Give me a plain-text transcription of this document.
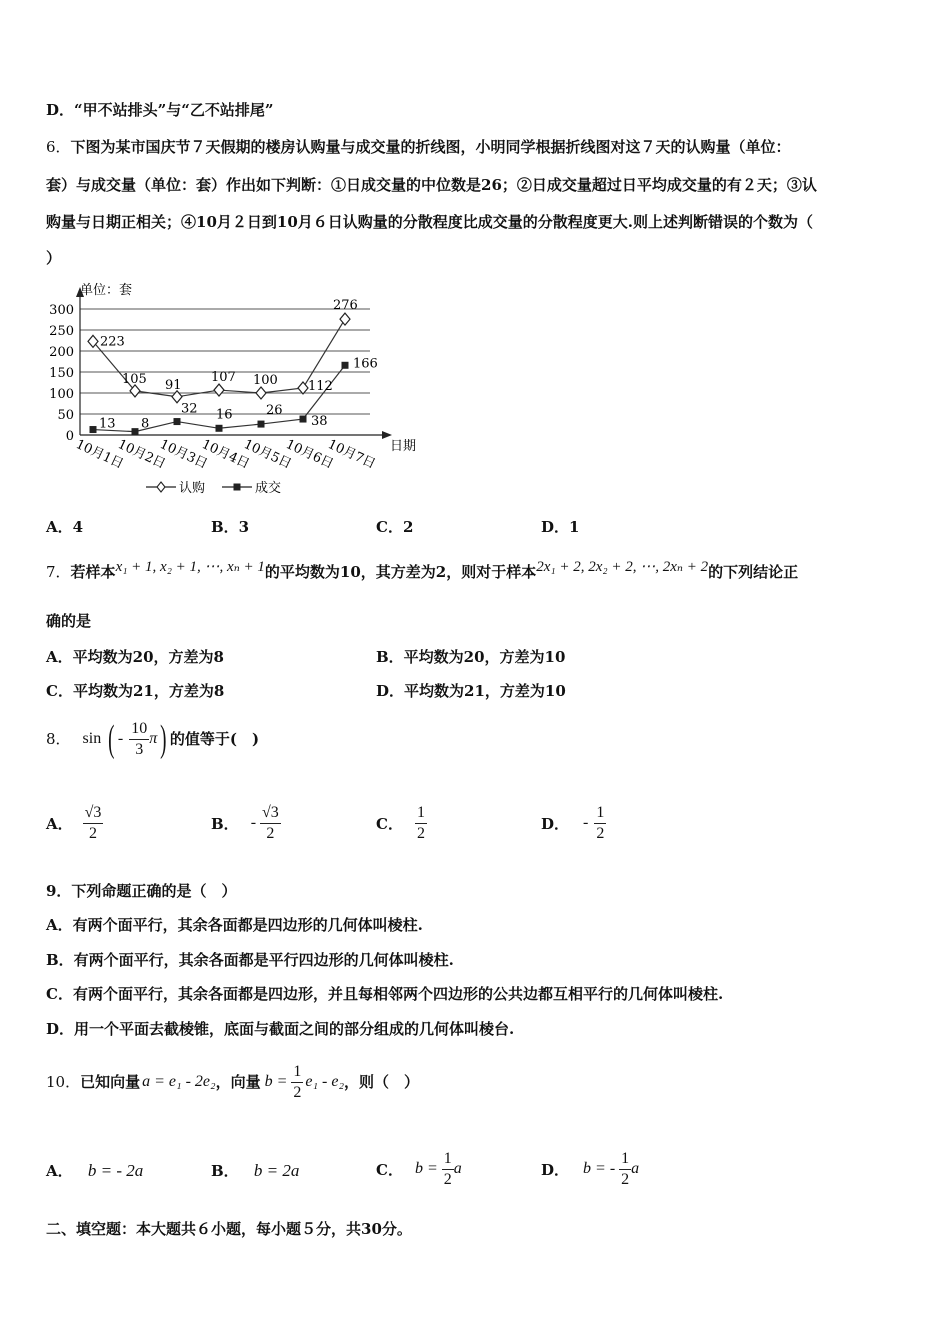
D．“甲不站排头”与“乙不站排尾”
6．下图为某市国庆节７天假期的楼房认购量与成交量的折线图，小明同学根据折线图对这７天的认购量（单位：
套）与成交量（单位：套）作出如下判断：①日成交量的中位数是26；②日成交量超过日平均成交量的有２天；③认
购量与日期正相关；④10月２日到10月６日认购量的分散程度比成交量的分散程度更大.则上述判断错误的个数为（
）
0
50
100
150
200
250
300
10月1日
10月2日
10月3日
10月4日
10月5日
10月6日
10月7日
223
105 91
107 100 112
276
13 8
32 16	26
38
166
单位：套
日期
认购	成交
A．4	B．3	C．2	D．1
7．若样本x₁ + 1, x₂ + 1, ⋯, xₙ + 1的平均数为10，其方差为2，则对于样本2x₁ + 2, 2x₂ + 2, ⋯, 2xₙ + 2的下列结论正
确的是
A．平均数为20，方差为8	B．平均数为20，方差为10
C．平均数为21，方差为8	D．平均数为21，方差为10
8． sin ( - $\frac{10}{3}$ π ) 的值等于(　)
A． $\frac{√3}{2}$	B． - $\frac{√3}{2}$	C． $\frac{1}{2}$	D． - $\frac{1}{2}$
9．下列命题正确的是（　）
A．有两个面平行，其余各面都是四边形的几何体叫棱柱.
B．有两个面平行，其余各面都是平行四边形的几何体叫棱柱.
C．有两个面平行，其余各面都是四边形，并且每相邻两个四边形的公共边都互相平行的几何体叫棱柱.
D．用一个平面去截棱锥，底面与截面之间的部分组成的几何体叫棱台.
10． 已知向量 a = e₁ - 2e₂ ，向量 $b = \frac{1}{2} e_1 - e_2$ ，则（　）
A． b = - 2a	B． b = 2a	C． $b = \frac{1}{2}$ a	D． b = - $\frac{1}{2}$ a
二、填空题：本大题共６小题，每小题５分，共30分。
